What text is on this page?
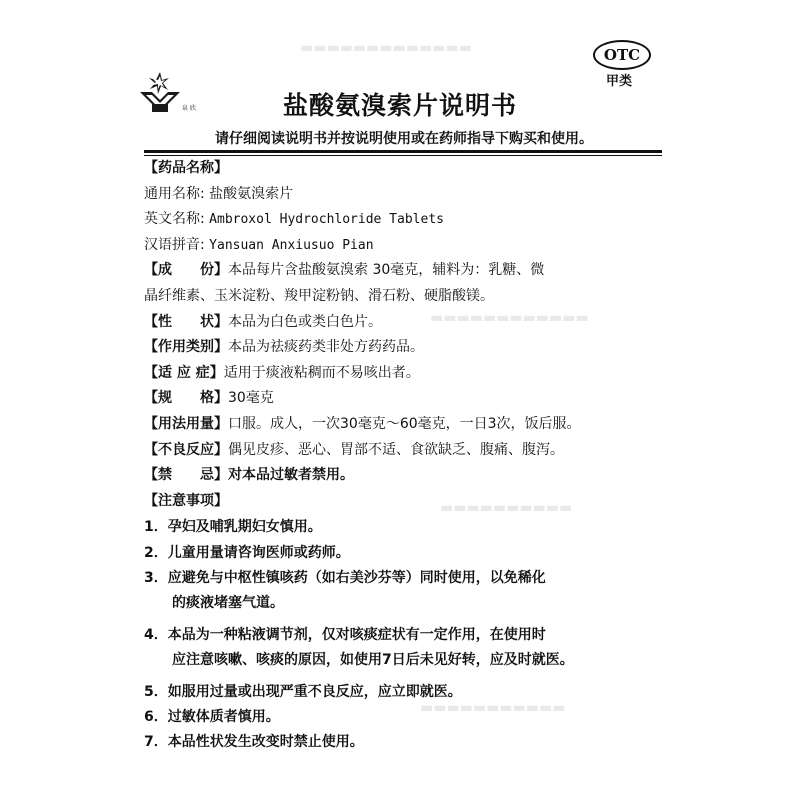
▬▬▬▬▬▬▬▬▬▬▬▬▬
▬▬▬▬▬▬▬▬▬▬▬▬
▬▬▬▬▬▬▬▬▬▬
▬▬▬▬▬▬▬▬▬▬▬
泉 欣
OTC
甲类
盐酸氨溴索片说明书
请仔细阅读说明书并按说明使用或在药师指导下购买和使用。
【药品名称】
通用名称: 盐酸氨溴索片
英文名称: Ambroxol Hydrochloride Tablets
汉语拼音: Yansuan Anxiusuo Pian
【成　　份】本品每片含盐酸氨溴索 30毫克，辅料为：乳糖、微
晶纤维素、玉米淀粉、羧甲淀粉钠、滑石粉、硬脂酸镁。
【性　　状】本品为白色或类白色片。
【作用类别】本品为祛痰药类非处方药药品。
【适 应 症】适用于痰液粘稠而不易咳出者。
【规　　格】30毫克
【用法用量】口服。成人，一次30毫克～60毫克，一日3次，饭后服。
【不良反应】偶见皮疹、恶心、胃部不适、食欲缺乏、腹痛、腹泻。
【禁　　忌】对本品过敏者禁用。
【注意事项】
1．孕妇及哺乳期妇女慎用。
2．儿童用量请咨询医师或药师。
3．应避免与中枢性镇咳药（如右美沙芬等）同时使用，以免稀化
　　的痰液堵塞气道。
4．本品为一种粘液调节剂，仅对咳痰症状有一定作用，在使用时
　　应注意咳嗽、咳痰的原因，如使用7日后未见好转，应及时就医。
5．如服用过量或出现严重不良反应，应立即就医。
6．过敏体质者慎用。
7．本品性状发生改变时禁止使用。
